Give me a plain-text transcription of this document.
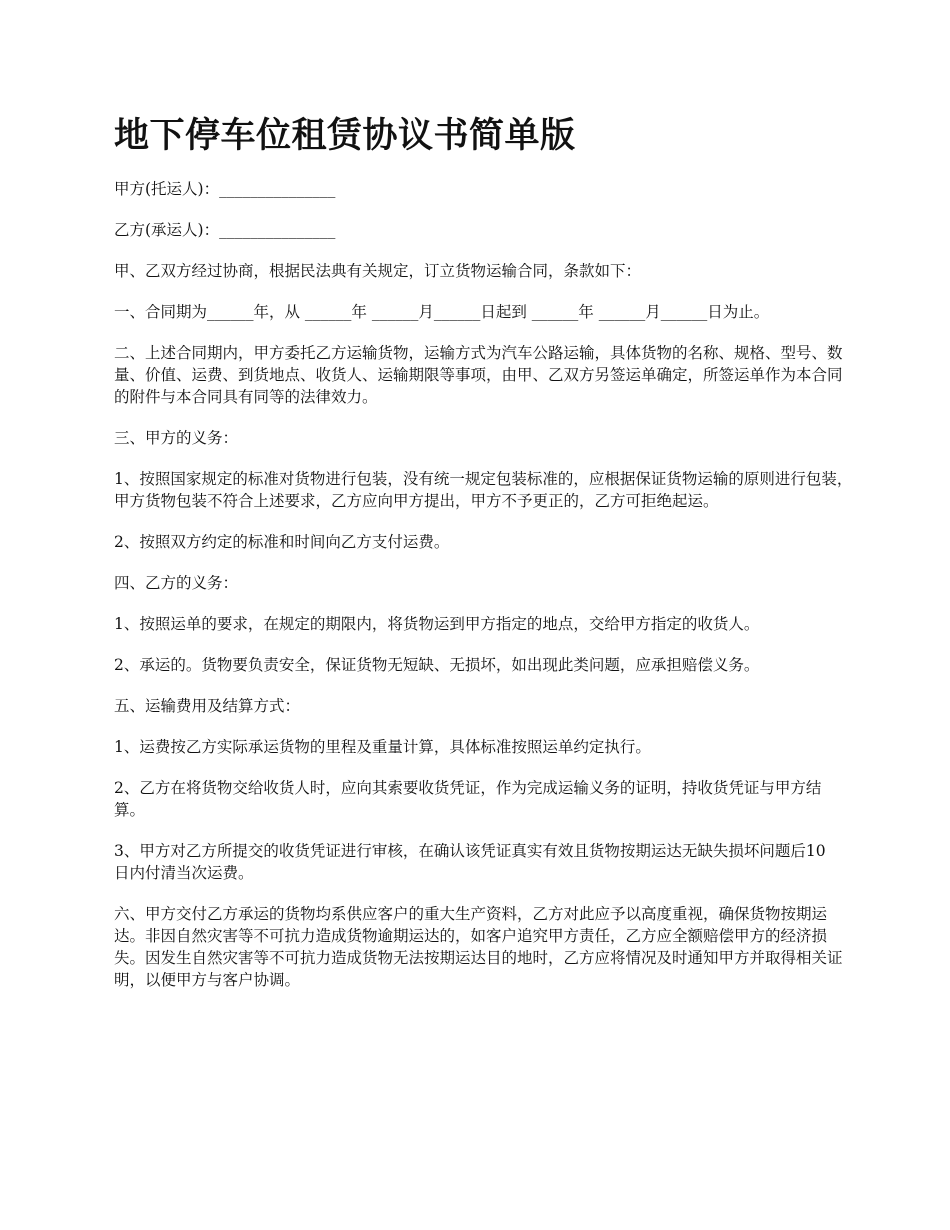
地下停车位租赁协议书简单版

甲方(托运人)：_______________

乙方(承运人)：_______________

甲、乙双方经过协商，根据民法典有关规定，订立货物运输合同，条款如下：

一、合同期为______年，从 ______年 ______月______日起到 ______年 ______月______日为止。

二、上述合同期内，甲方委托乙方运输货物，运输方式为汽车公路运输，具体货物的名称、规格、型号、数量、价值、运费、到货地点、收货人、运输期限等事项，由甲、乙双方另签运单确定，所签运单作为本合同的附件与本合同具有同等的法律效力。

三、甲方的义务：

1、按照国家规定的标准对货物进行包装，没有统一规定包装标准的，应根据保证货物运输的原则进行包装，甲方货物包装不符合上述要求，乙方应向甲方提出，甲方不予更正的，乙方可拒绝起运。

2、按照双方约定的标准和时间向乙方支付运费。

四、乙方的义务：

1、按照运单的要求，在规定的期限内，将货物运到甲方指定的地点，交给甲方指定的收货人。

2、承运的。货物要负责安全，保证货物无短缺、无损坏，如出现此类问题，应承担赔偿义务。

五、运输费用及结算方式：

1、运费按乙方实际承运货物的里程及重量计算，具体标准按照运单约定执行。

2、乙方在将货物交给收货人时，应向其索要收货凭证，作为完成运输义务的证明，持收货凭证与甲方结算。

3、甲方对乙方所提交的收货凭证进行审核，在确认该凭证真实有效且货物按期运达无缺失损坏问题后10日内付清当次运费。

六、甲方交付乙方承运的货物均系供应客户的重大生产资料，乙方对此应予以高度重视，确保货物按期运达。非因自然灾害等不可抗力造成货物逾期运达的，如客户追究甲方责任，乙方应全额赔偿甲方的经济损失。因发生自然灾害等不可抗力造成货物无法按期运达目的地时，乙方应将情况及时通知甲方并取得相关证明，以便甲方与客户协调。
